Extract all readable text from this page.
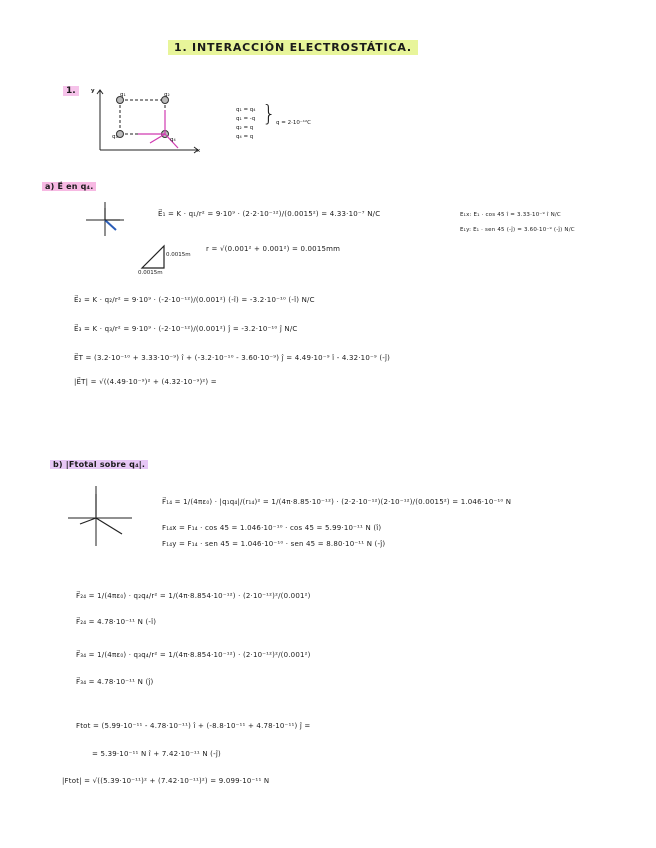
1. INTERACCIÓN ELECTROSTÁTICA.
1.	y
x
q₁	q₂
q₃	q₄
q₁ = q₄
q₁ = -q
q₂ = q
q₄ = q
} q = 2·10⁻¹²C
a) E⃗ en q₄.
E⃗₁ = K · q₁/r² = 9·10⁹ · (2·2·10⁻¹²)/(0.0015²) = 4.33·10⁻⁷ N/C	E₁x: E₁ · cos 45 î = 3.33·10⁻⁹ î N/C
E₁y: E₁ · sen 45 (-ĵ) = 3.60·10⁻⁹ (-ĵ) N/C
0.0015m
0.0015m
r = √(0.001² + 0.001²) = 0.0015mm
E⃗₂ = K · q₂/r² = 9·10⁹ · (-2·10⁻¹²)/(0.001²) (-î) = -3.2·10⁻¹⁰ (-î) N/C
E⃗₃ = K · q₃/r² = 9·10⁹ · (-2·10⁻¹²)/(0.001²) ĵ = -3.2·10⁻¹⁰ ĵ N/C
E⃗T = (3.2·10⁻¹⁰ + 3.33·10⁻⁹) î + (-3.2·10⁻¹⁰ - 3.60·10⁻⁹) ĵ = 4.49·10⁻⁹ î - 4.32·10⁻⁹ (-ĵ)
|E⃗T| = √((4.49·10⁻⁹)² + (4.32·10⁻⁹)²) =
b) |Ftotal sobre q₄|.
F⃗₁₄ = 1/(4πε₀) · |q₁q₄|/(r₁₄)² = 1/(4π·8.85·10⁻¹²) · (2·2·10⁻¹²)(2·10⁻¹²)/(0.0015²) = 1.046·10⁻¹⁰ N
F₁₄x = F₁₄ · cos 45 = 1.046·10⁻¹⁰ · cos 45 = 5.99·10⁻¹¹ N (î)
F₁₄y = F₁₄ · sen 45 = 1.046·10⁻¹⁰ · sen 45 = 8.80·10⁻¹¹ N (-ĵ)
F⃗₂₄ = 1/(4πε₀) · q₂q₄/r² = 1/(4π·8.854·10⁻¹²) · (2·10⁻¹²)²/(0.001²)
F⃗₂₄ = 4.78·10⁻¹¹ N (-î)
F⃗₃₄ = 1/(4πε₀) · q₃q₄/r² = 1/(4π·8.854·10⁻¹²) · (2·10⁻¹²)²/(0.001²)
F⃗₃₄ = 4.78·10⁻¹¹ N (ĵ)
Ftot = (5.99·10⁻¹¹ - 4.78·10⁻¹¹) î + (-8.8·10⁻¹¹ + 4.78·10⁻¹¹) ĵ =
= 5.39·10⁻¹¹ N î + 7.42·10⁻¹¹ N (-ĵ)
|Ftot| = √((5.39·10⁻¹¹)² + (7.42·10⁻¹¹)²) = 9.099·10⁻¹¹ N
